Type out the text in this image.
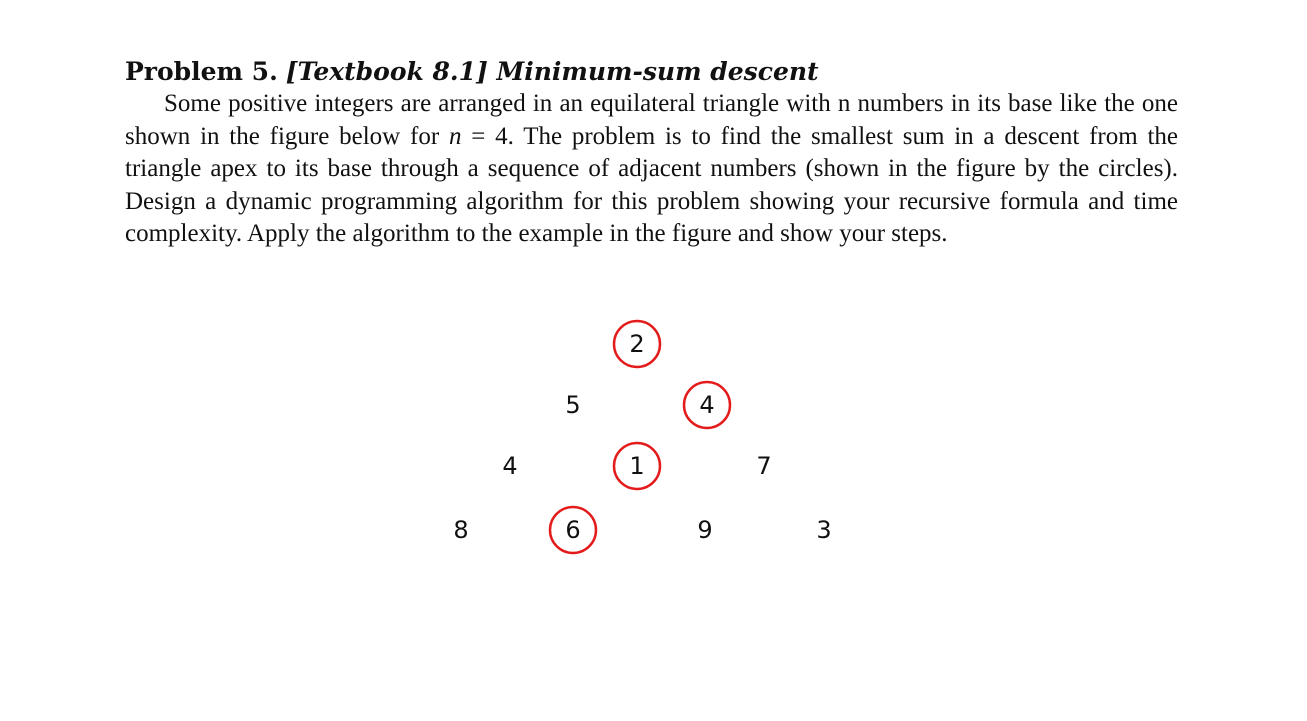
Problem 5. [Textbook 8.1] Minimum-sum descent

Some positive integers are arranged in an equilateral triangle with n numbers in its base like the one shown in the figure below for n = 4. The problem is to find the smallest sum in a descent from the triangle apex to its base through a sequence of adjacent numbers (shown in the figure by the circles). Design a dynamic programming algorithm for this problem showing your recursive formula and time complexity. Apply the algorithm to the example in the figure and show your steps.

2
5	4
4	1	7
8	6	9	3
